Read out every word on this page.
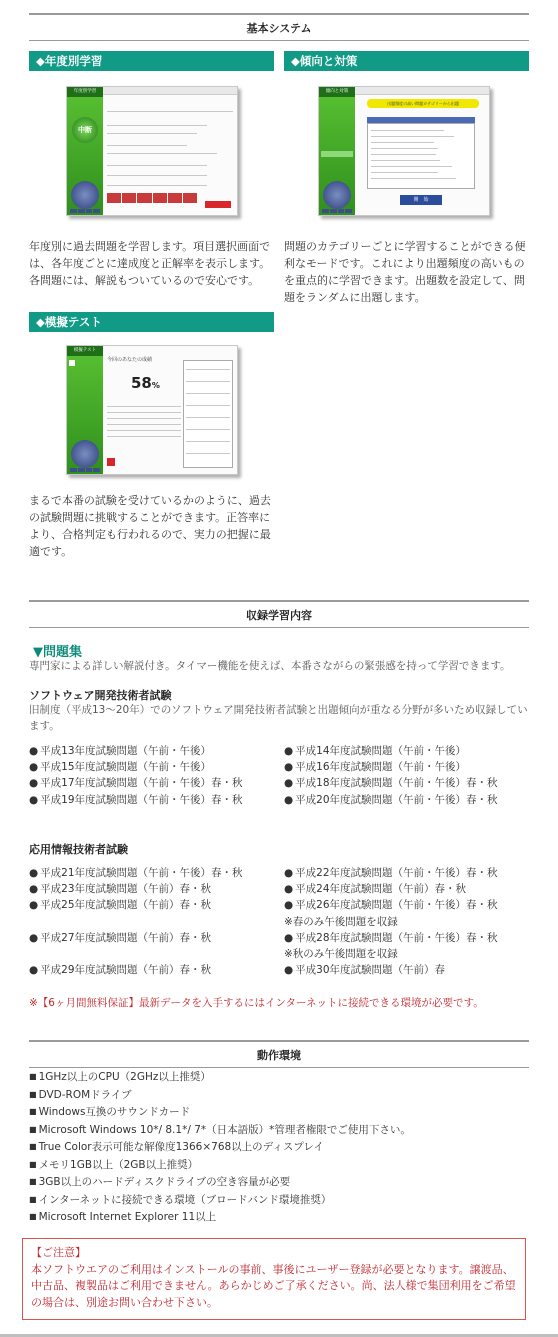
基本システム
◆年度別学習
年度別学習
中断
年度別に過去問題を学習します。項目選択画面では、各年度ごとに達成度と正解率を表示します。各問題には、解説もついているので安心です。
◆傾向と対策
傾向と対策
出題頻度の高い問題カテゴリーから出題
開　始
問題のカテゴリーごとに学習することができる便利なモードです。これにより出題頻度の高いものを重点的に学習できます。出題数を設定して、問題をランダムに出題します。
◆模擬テスト
模擬テスト
今回のあなたの成績
58%
まるで本番の試験を受けているかのように、過去の試験問題に挑戦することができます。正答率により、合格判定も行われるので、実力の把握に最適です。
収録学習内容
▼問題集
専門家による詳しい解説付き。タイマー機能を使えば、本番さながらの緊張感を持って学習できます。
ソフトウェア開発技術者試験
旧制度（平成13〜20年）でのソフトウェア開発技術者試験と出題傾向が重なる分野が多いため収録しています。
● 平成13年度試験問題（午前・午後）
● 平成15年度試験問題（午前・午後）
● 平成17年度試験問題（午前・午後）春・秋
● 平成19年度試験問題（午前・午後）春・秋
● 平成14年度試験問題（午前・午後）
● 平成16年度試験問題（午前・午後）
● 平成18年度試験問題（午前・午後）春・秋
● 平成20年度試験問題（午前・午後）春・秋
応用情報技術者試験
● 平成21年度試験問題（午前・午後）春・秋
● 平成23年度試験問題（午前）春・秋
● 平成25年度試験問題（午前）春・秋
● 平成27年度試験問題（午前）春・秋
● 平成29年度試験問題（午前）春・秋
● 平成22年度試験問題（午前・午後）春・秋
● 平成24年度試験問題（午前）春・秋
● 平成26年度試験問題（午前・午後）春・秋
※春のみ午後問題を収録
● 平成28年度試験問題（午前・午後）春・秋
※秋のみ午後問題を収録
● 平成30年度試験問題（午前）春
※【6ヶ月間無料保証】最新データを入手するにはインターネットに接続できる環境が必要です。
動作環境
■ 1GHz以上のCPU（2GHz以上推奨）
■ DVD-ROMドライブ
■ Windows互換のサウンドカード
■ Microsoft Windows 10*/ 8.1*/ 7*（日本語版）*管理者権限でご使用下さい。
■ True Color表示可能な解像度1366×768以上のディスプレイ
■ メモリ1GB以上（2GB以上推奨）
■ 3GB以上のハードディスクドライブの空き容量が必要
■ インターネットに接続できる環境（ブロードバンド環境推奨）
■ Microsoft Internet Explorer 11以上
【ご注意】
本ソフトウエアのご利用はインストールの事前、事後にユーザー登録が必要となります。譲渡品、中古品、複製品はご利用できません。あらかじめご了承ください。尚、法人様で集団利用をご希望の場合は、別途お問い合わせ下さい。
